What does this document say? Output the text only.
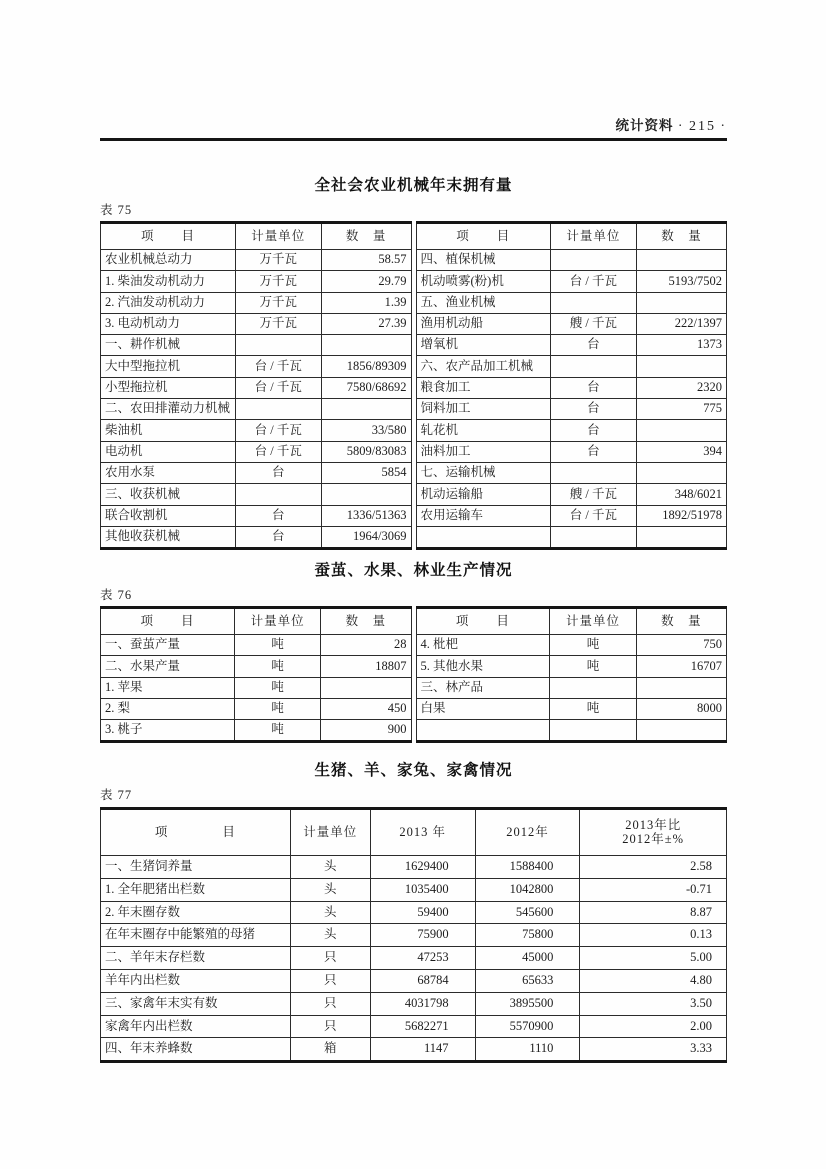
统计资料 · 215 ·
全社会农业机械年末拥有量
表 75
项　　目	计量单位	数　量
农业机械总动力	万千瓦	58.57
1. 柴油发动机动力	万千瓦	29.79
2. 汽油发动机动力	万千瓦	1.39
3. 电动机动力	万千瓦	27.39
一、耕作机械		
大中型拖拉机	台 / 千瓦	1856/89309
小型拖拉机	台 / 千瓦	7580/68692
二、农田排灌动力机械		
柴油机	台 / 千瓦	33/580
电动机	台 / 千瓦	5809/83083
农用水泵	台	5854
三、收获机械		
联合收割机	台	1336/51363
其他收获机械	台	1964/3069
项　　目	计量单位	数　量
四、植保机械		
机动喷雾(粉)机	台 / 千瓦	5193/7502
五、渔业机械		
渔用机动船	艘 / 千瓦	222/1397
增氧机	台	1373
六、农产品加工机械		
粮食加工	台	2320
饲料加工	台	775
轧花机	台	
油料加工	台	394
七、运输机械		
机动运输船	艘 / 千瓦	348/6021
农用运输车	台 / 千瓦	1892/51978

蚕茧、水果、林业生产情况
表 76
项　　目	计量单位	数　量
一、蚕茧产量	吨	28
二、水果产量	吨	18807
1. 苹果	吨	
2. 梨	吨	450
3. 桃子	吨	900
项　　目	计量单位	数　量
4. 枇杷	吨	750
5. 其他水果	吨	16707
三、林产品		
白果	吨	8000

生猪、羊、家兔、家禽情况
表 77
项　　　　目	计量单位	2013 年	2012年	2013年比
2012年±%

一、生猪饲养量	头	1629400	1588400	2.58
1. 全年肥猪出栏数	头	1035400	1042800	-0.71
2. 年末圈存数	头	59400	545600	8.87
在年末圈存中能繁殖的母猪	头	75900	75800	0.13
二、羊年末存栏数	只	47253	45000	5.00
羊年内出栏数	只	68784	65633	4.80
三、家禽年末实有数	只	4031798	3895500	3.50
家禽年内出栏数	只	5682271	5570900	2.00
四、年末养蜂数	箱	1147	1110	3.33
